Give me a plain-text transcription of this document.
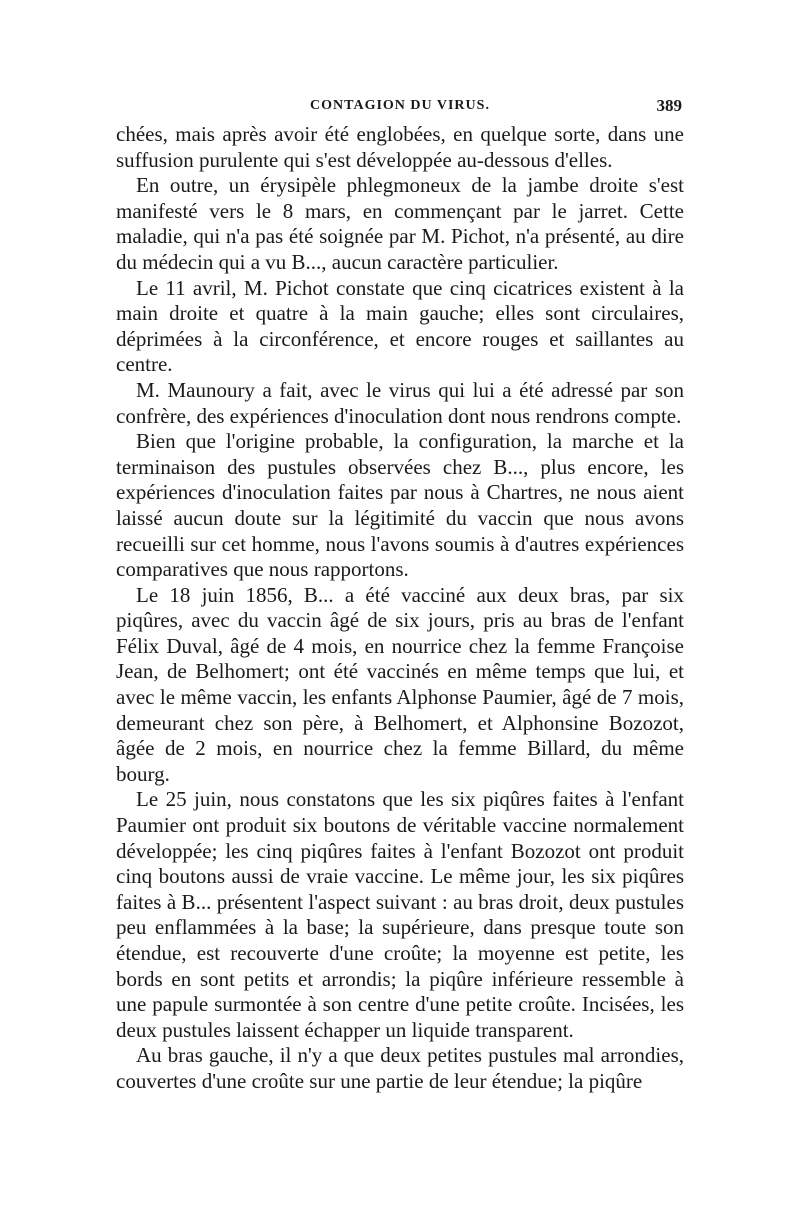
CONTAGION DU VIRUS.	389

chées, mais après avoir été englobées, en quelque sorte, dans une suffusion purulente qui s'est développée au-dessous d'elles.

En outre, un érysipèle phlegmoneux de la jambe droite s'est manifesté vers le 8 mars, en commençant par le jarret. Cette maladie, qui n'a pas été soignée par M. Pichot, n'a présenté, au dire du médecin qui a vu B..., aucun caractère particulier.

Le 11 avril, M. Pichot constate que cinq cicatrices existent à la main droite et quatre à la main gauche; elles sont circulaires, déprimées à la circonférence, et encore rouges et saillantes au centre.

M. Maunoury a fait, avec le virus qui lui a été adressé par son confrère, des expériences d'inoculation dont nous rendrons compte.

Bien que l'origine probable, la configuration, la marche et la terminaison des pustules observées chez B..., plus encore, les expériences d'inoculation faites par nous à Chartres, ne nous aient laissé aucun doute sur la légitimité du vaccin que nous avons recueilli sur cet homme, nous l'avons soumis à d'autres expériences comparatives que nous rapportons.

Le 18 juin 1856, B... a été vacciné aux deux bras, par six piqûres, avec du vaccin âgé de six jours, pris au bras de l'enfant Félix Duval, âgé de 4 mois, en nourrice chez la femme Françoise Jean, de Belhomert; ont été vaccinés en même temps que lui, et avec le même vaccin, les enfants Alphonse Paumier, âgé de 7 mois, demeurant chez son père, à Belhomert, et Alphonsine Bozozot, âgée de 2 mois, en nourrice chez la femme Billard, du même bourg.

Le 25 juin, nous constatons que les six piqûres faites à l'enfant Paumier ont produit six boutons de véritable vaccine normalement développée; les cinq piqûres faites à l'enfant Bozozot ont produit cinq boutons aussi de vraie vaccine. Le même jour, les six piqûres faites à B... présentent l'aspect suivant : au bras droit, deux pustules peu enflammées à la base; la supérieure, dans presque toute son étendue, est recouverte d'une croûte; la moyenne est petite, les bords en sont petits et arrondis; la piqûre inférieure ressemble à une papule surmontée à son centre d'une petite croûte. Incisées, les deux pustules laissent échapper un liquide transparent.

Au bras gauche, il n'y a que deux petites pustules mal arrondies, couvertes d'une croûte sur une partie de leur étendue; la piqûre
